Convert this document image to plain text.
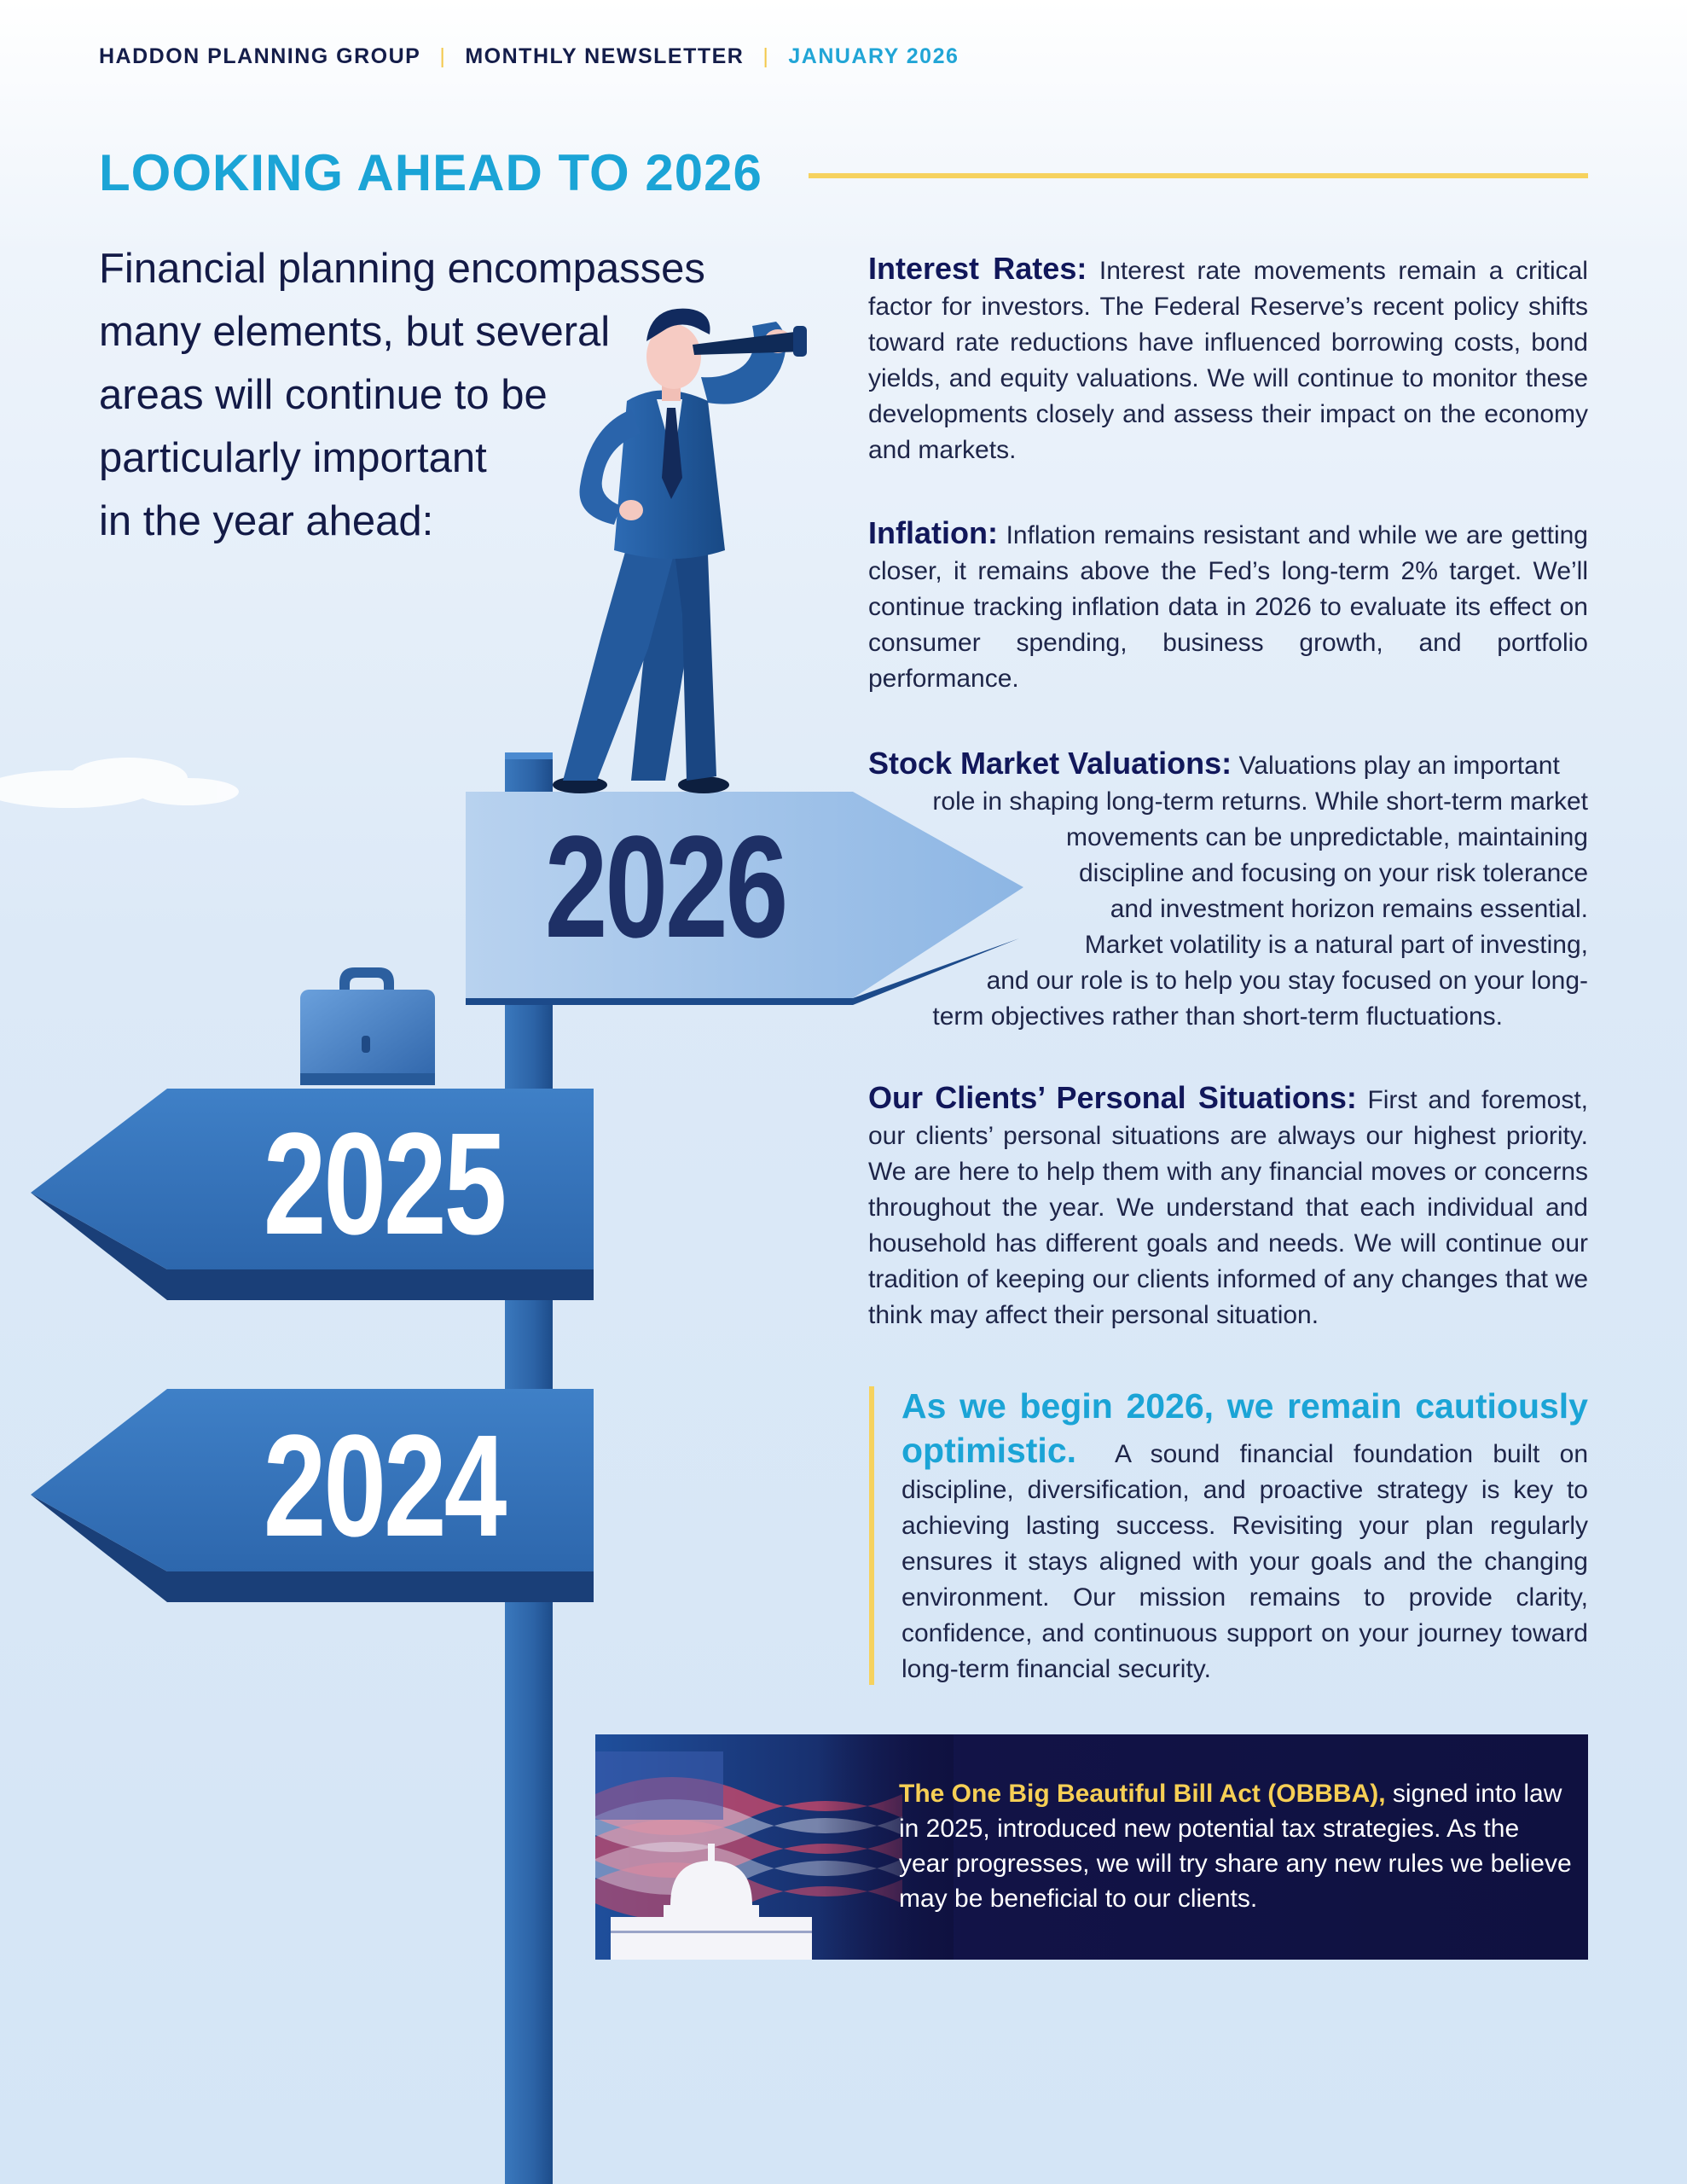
HADDON PLANNING GROUP | MONTHLY NEWSLETTER | JANUARY 2026
LOOKING AHEAD TO 2026
Financial planning encompasses
many elements, but several
areas will continue to be
particularly important
in the year ahead:
2026
2025
2024
Interest Rates: Interest rate movements remain a critical factor for investors. The Federal Reserve’s recent policy shifts toward rate reductions have influenced borrowing costs, bond yields, and equity valuations. We will continue to monitor these developments closely and assess their impact on the economy and markets.
Inflation: Inflation remains resistant and while we are getting closer, it remains above the Fed’s long-term 2% target. We’ll continue tracking inflation data in 2026 to evaluate its effect on consumer spending, business growth, and portfolio performance.
Stock Market Valuations: Valuations play an important
role in shaping long-term returns. While short-term market
movements can be unpredictable, maintaining
discipline and focusing on your risk tolerance
and investment horizon remains essential.
Market volatility is a natural part of investing,
and our role is to help you stay focused on your long-
term objectives rather than short-term fluctuations.
Our Clients’ Personal Situations: First and foremost, our clients’ personal situations are always our highest priority. We are here to help them with any financial moves or concerns throughout the year. We understand that each individual and household has different goals and needs. We will continue our tradition of keeping our clients informed of any changes that we think may affect their personal situation.
As we begin 2026, we remain cautiously optimistic. A sound financial foundation built on discipline, diversification, and proactive strategy is key to achieving lasting success. Revisiting your plan regularly ensures it stays aligned with your goals and the changing environment. Our mission remains to provide clarity, confidence, and continuous support on your journey toward long-term financial security.
The One Big Beautiful Bill Act (OBBBA), signed into law in 2025, introduced new potential tax strategies. As the year progresses, we will try share any new rules we believe may be beneficial to our clients.
